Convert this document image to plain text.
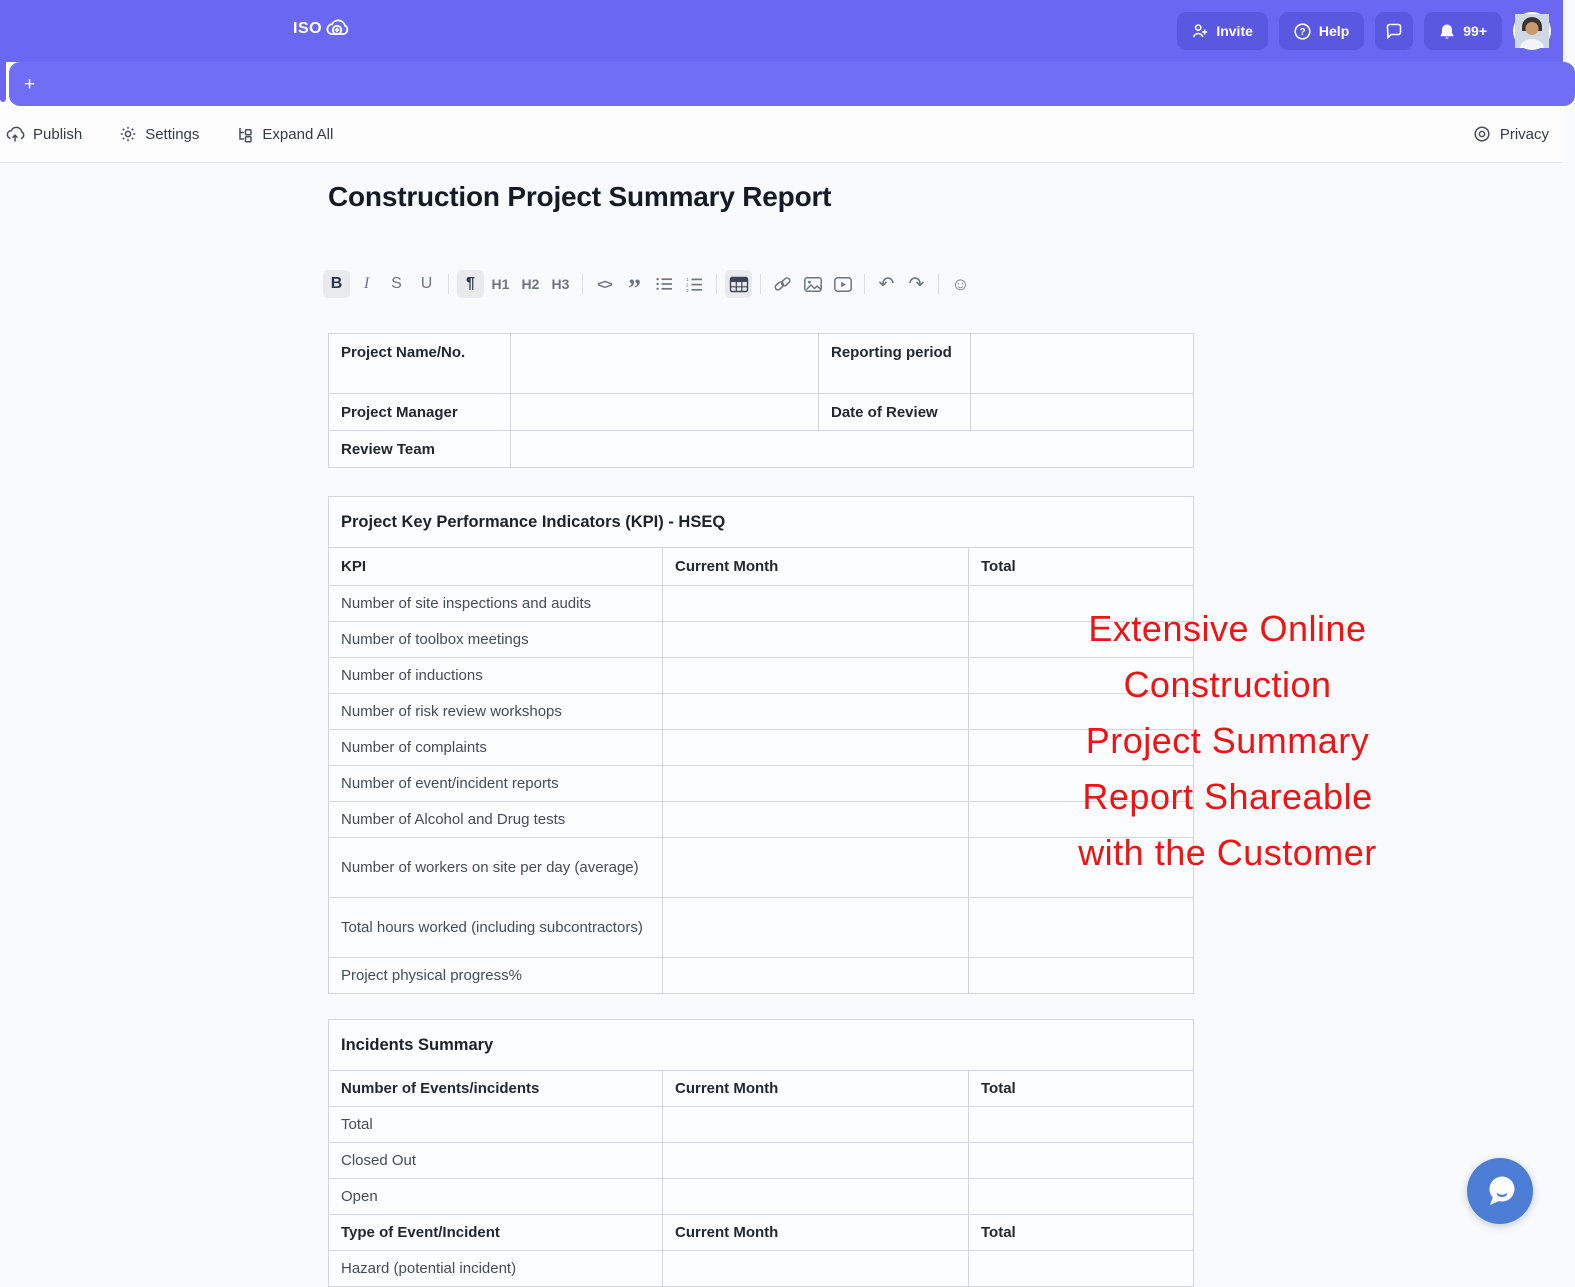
ISO	Invite	? Help	99+
+
Publish	Settings	Expand All	Privacy
Construction Project Summary Report
B	I	S	U	¶	H1 H2 H3	<> ”	1
2
3	↶ ↷	☺
Project Name/No.		Reporting period	
Project Manager		Date of Review	
Review Team			
Project Key Performance Indicators (KPI) - HSEQ		
KPI	Current Month	Total
Number of site inspections and audits		
Number of toolbox meetings		
Number of inductions		
Number of risk review workshops		
Number of complaints		
Number of event/incident reports		
Number of Alcohol and Drug tests		
Number of workers on site per day (average)		
Total hours worked (including subcontractors)		
Project physical progress%		
Incidents Summary		
Number of Events/incidents	Current Month	Total
Total		
Closed Out		
Open		
Type of Event/Incident	Current Month	Total
Hazard (potential incident)		
Extensive Online
Construction
Project Summary
Report Shareable
with the Customer
